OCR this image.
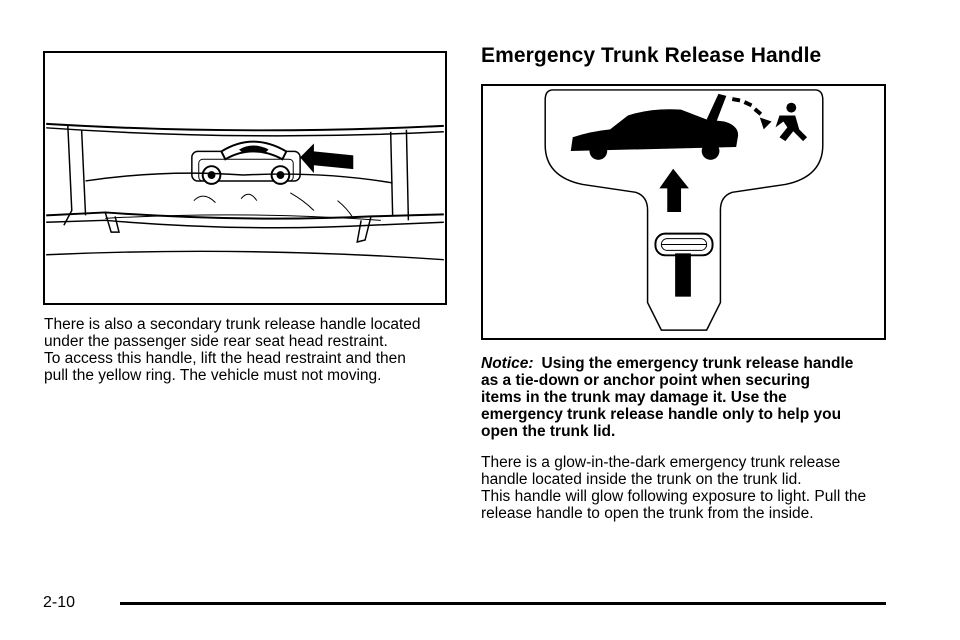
There is also a secondary trunk release handle located

under the passenger side rear seat head restraint.

To access this handle, lift the head restraint and then

pull the yellow ring. The vehicle must not moving.

Emergency Trunk Release Handle

Notice: Using the emergency trunk release handle
as a tie-down or anchor point when securing
items in the trunk may damage it. Use the
emergency trunk release handle only to help you
open the trunk lid.

There is a glow-in-the-dark emergency trunk release

handle located inside the trunk on the trunk lid.

This handle will glow following exposure to light. Pull the

release handle to open the trunk from the inside.

2-10
